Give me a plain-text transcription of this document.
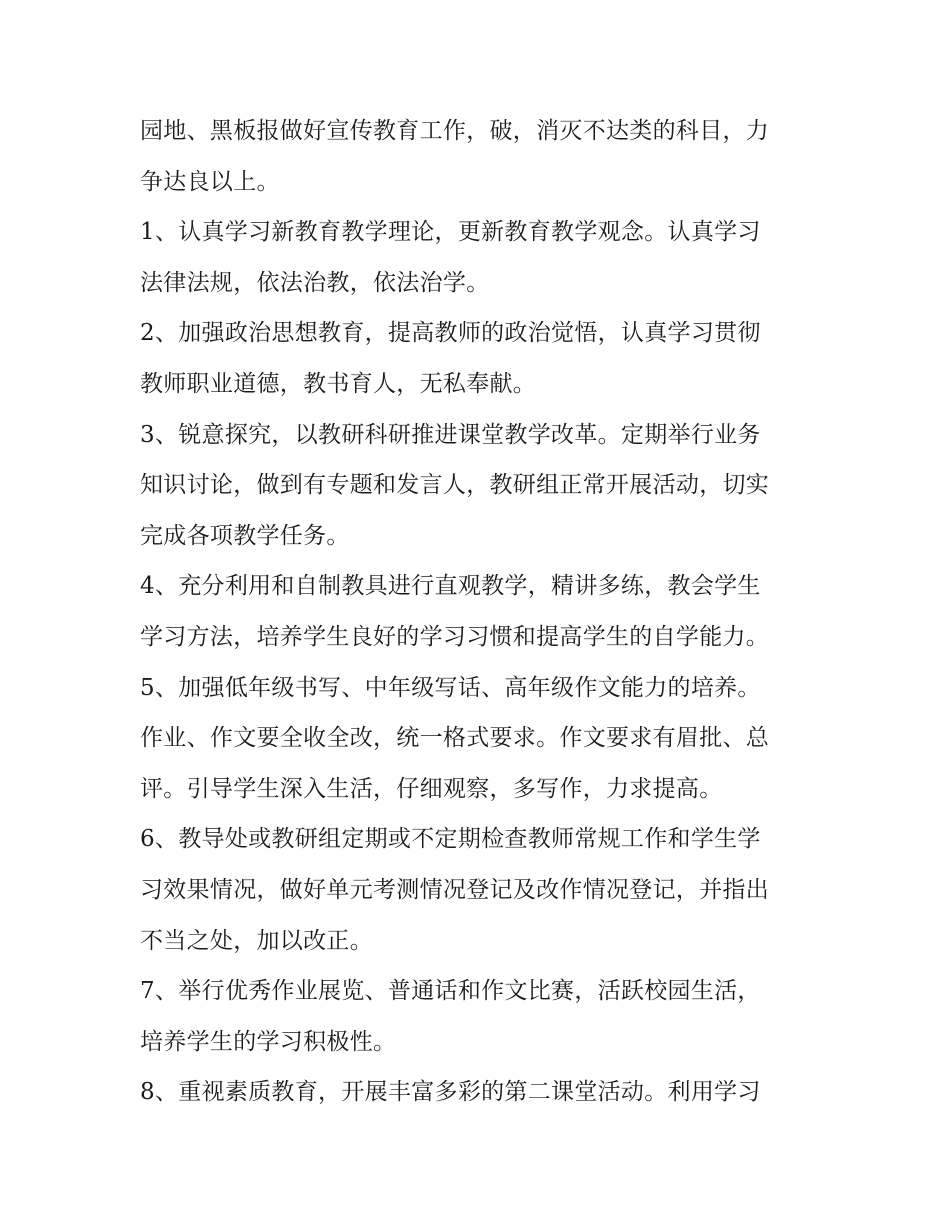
园地、黑板报做好宣传教育工作，破，消灭不达类的科目，力
争达良以上。
1、认真学习新教育教学理论，更新教育教学观念。认真学习
法律法规，依法治教，依法治学。
2、加强政治思想教育，提高教师的政治觉悟，认真学习贯彻
教师职业道德，教书育人，无私奉献。
3、锐意探究，以教研科研推进课堂教学改革。定期举行业务
知识讨论，做到有专题和发言人，教研组正常开展活动，切实
完成各项教学任务。
4、充分利用和自制教具进行直观教学，精讲多练，教会学生
学习方法，培养学生良好的学习习惯和提高学生的自学能力。
5、加强低年级书写、中年级写话、高年级作文能力的培养。
作业、作文要全收全改，统一格式要求。作文要求有眉批、总
评。引导学生深入生活，仔细观察，多写作，力求提高。
6、教导处或教研组定期或不定期检查教师常规工作和学生学
习效果情况，做好单元考测情况登记及改作情况登记，并指出
不当之处，加以改正。
7、举行优秀作业展览、普通话和作文比赛，活跃校园生活，
培养学生的学习积极性。
8、重视素质教育，开展丰富多彩的第二课堂活动。利用学习
